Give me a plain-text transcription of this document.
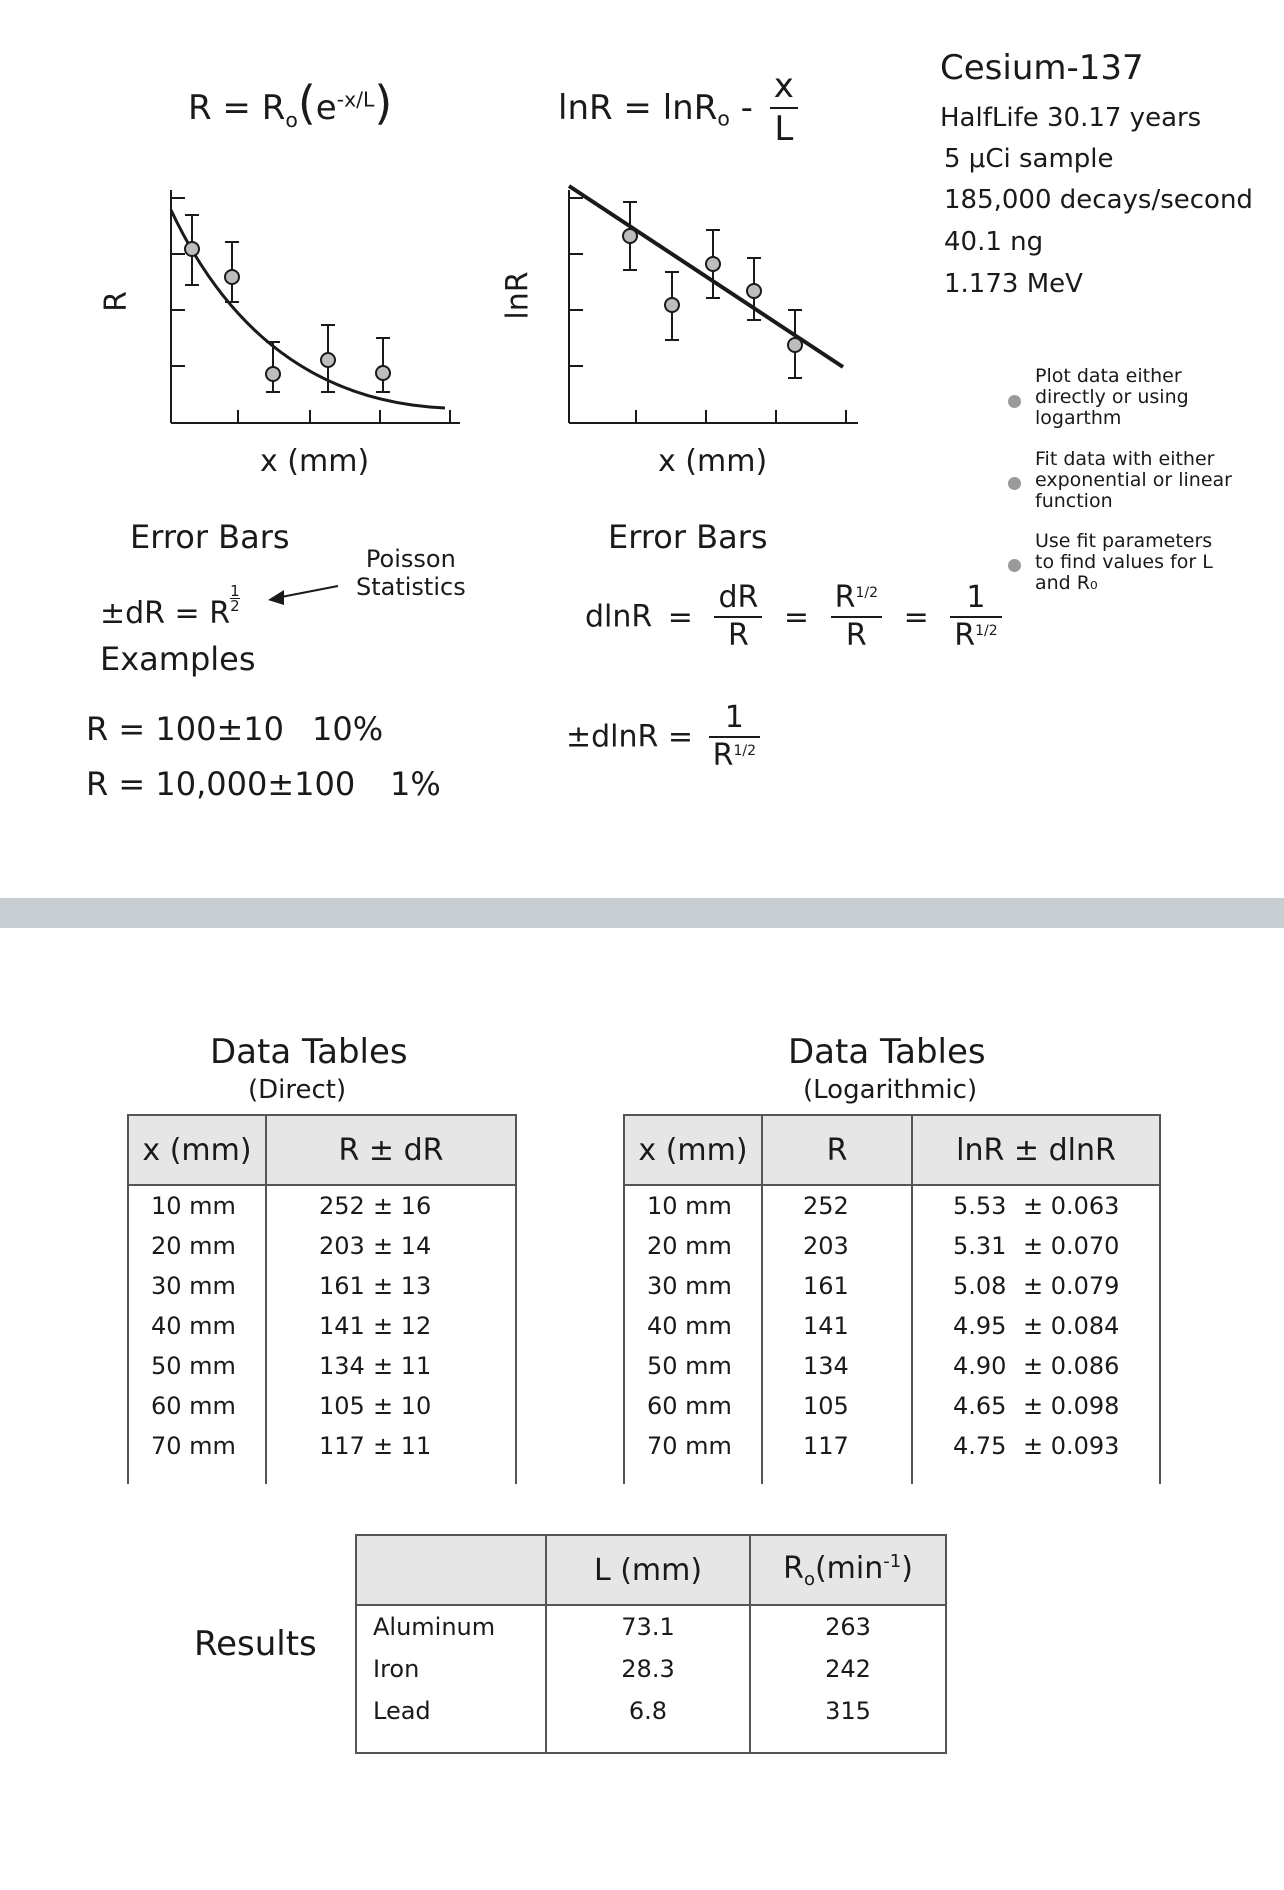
$R = R_o(e^{-x/L})$	$\ln R = \ln R_o - \frac{x}{L}$	Cesium-137
HalfLife 30.17 years
5 μCi sample
185,000 decays/second
40.1 ng
1.173 MeV
Plot data either directly or using logarthm
Fit data with either exponential or linear function
Use fit parameters to find values for L and R₀
R
x (mm)
lnR
x (mm)
Error Bars
±dR = R $\frac{1}{2}$
Poisson
Statistics
Examples
R = 100±10 10%
R = 10,000±100 1%
Error Bars
$dlnR = \frac{dR}{R} = \frac{R^{1/2}}{R} = \frac{1}{R^{1/2}}$
$\pm dlnR = \frac{1}{R^{1/2}}$
Data Tables
(Direct)
x (mm)	R ± dR
10 mm	252 ± 16
20 mm	203 ± 14
30 mm	161 ± 13
40 mm	141 ± 12
50 mm	134 ± 11
60 mm	105 ± 10
70 mm	117 ± 11

Data Tables
(Logarithmic)
x (mm)	R	lnR ± dlnR
10 mm	252	5.53 ± 0.063
20 mm	203	5.31 ± 0.070
30 mm	161	5.08 ± 0.079
40 mm	141	4.95 ± 0.084
50 mm	134	4.90 ± 0.086
60 mm	105	4.65 ± 0.098
70 mm	117	4.75 ± 0.093

Results
	L (mm)	$R_o(\min^{-1})$
Aluminum	73.1	263
Iron	28.3	242
Lead	6.8	315
